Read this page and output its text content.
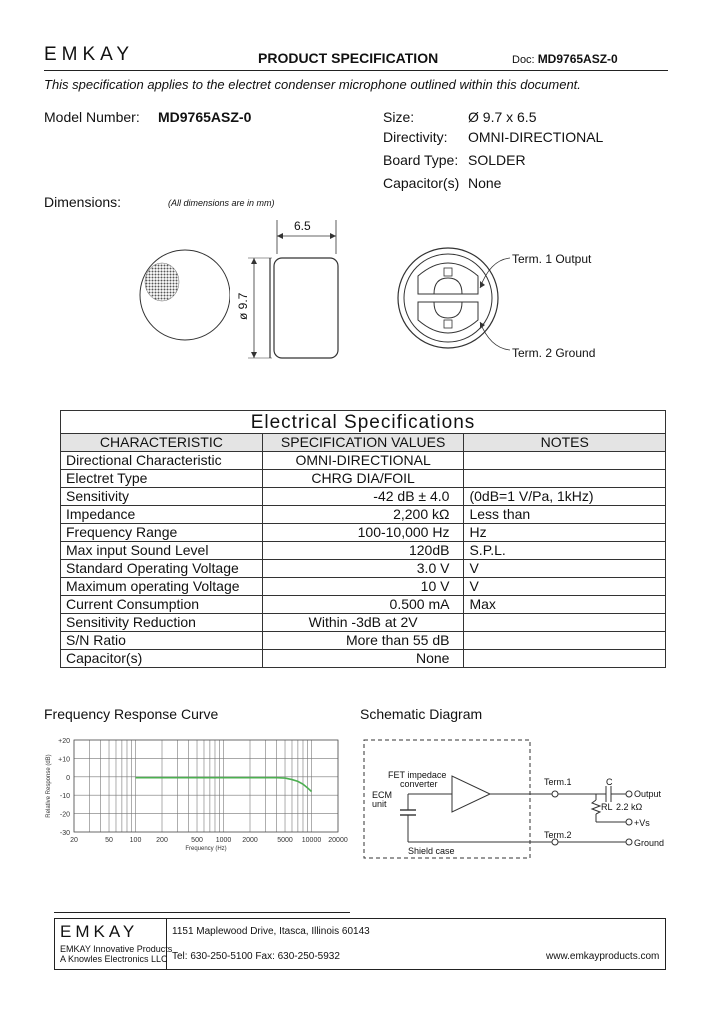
EMKAY	PRODUCT SPECIFICATION	Doc: MD9765ASZ-0
This specification applies to the electret condenser microphone outlined within this document.
Model Number: MD9765ASZ-0	Size:	Ø 9.7 x 6.5
Directivity: OMNI-DIRECTIONAL
Board Type: SOLDER
Capacitor(s) None
Dimensions:	(All dimensions are in mm)
6.5
ø 9.7
Term. 1 Output
Term. 2 Ground
Electrical Specifications		
CHARACTERISTIC	SPECIFICATION VALUES	NOTES
Directional Characteristic	OMNI-DIRECTIONAL	
Electret Type	CHRG DIA/FOIL	
Sensitivity	-42 dB ± 4.0	(0dB=1 V/Pa, 1kHz)
Impedance	2,200 kΩ	Less than
Frequency Range	100-10,000 Hz	Hz
Max input Sound Level	120dB	S.P.L.
Standard Operating Voltage	3.0 V	V
Maximum operating Voltage	10 V	V
Current Consumption	0.500 mA	Max
Sensitivity Reduction	Within -3dB at 2V	
S/N Ratio	More than 55 dB	
Capacitor(s)	None	
Frequency Response Curve
+20
+10
0
-10
-20
-30
20	50 100 200	500 1000 2000	5000 10000 20000
Frequency (Hz)
Relative Response (dB)
Schematic Diagram
FET impedace
converter
ECM
unit
Term.1
Term.2
C
Output
RL 2.2 kΩ
+Vs
Ground
Shield case
EMKAY
EMKAY Innovative Products
A Knowles Electronics LLC
1151 Maplewood Drive, Itasca, Illinois 60143
Tel: 630-250-5100 Fax: 630-250-5932	www.emkayproducts.com
